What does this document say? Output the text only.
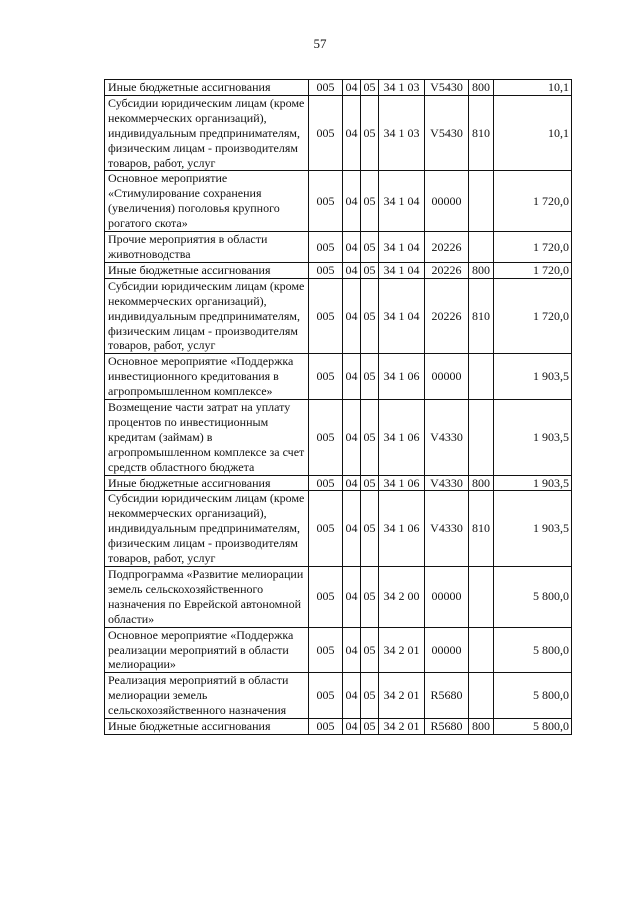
57
Иные бюджетные ассигнования	005	04	05	34 1 03	V5430	800	10,1
Субсидии юридическим лицам (кроме некоммерческих организаций), индивидуальным предпринимателям, физическим лицам - производителям товаров, работ, услуг	005	04	05	34 1 03	V5430	810	10,1
Основное мероприятие «Стимулирование сохранения (увеличения) поголовья крупного рогатого скота»	005	04	05	34 1 04	00000		1 720,0
Прочие мероприятия в области животноводства	005	04	05	34 1 04	20226		1 720,0
Иные бюджетные ассигнования	005	04	05	34 1 04	20226	800	1 720,0
Субсидии юридическим лицам (кроме некоммерческих организаций), индивидуальным предпринимателям, физическим лицам - производителям товаров, работ, услуг	005	04	05	34 1 04	20226	810	1 720,0
Основное мероприятие «Поддержка инвестиционного кредитования в агропромышленном комплексе»	005	04	05	34 1 06	00000		1 903,5
Возмещение части затрат на уплату процентов по инвестиционным кредитам (займам) в агропромышленном комплексе за счет средств областного бюджета	005	04	05	34 1 06	V4330		1 903,5
Иные бюджетные ассигнования	005	04	05	34 1 06	V4330	800	1 903,5
Субсидии юридическим лицам (кроме некоммерческих организаций), индивидуальным предпринимателям, физическим лицам - производителям товаров, работ, услуг	005	04	05	34 1 06	V4330	810	1 903,5
Подпрограмма «Развитие мелиорации земель сельскохозяйственного назначения по Еврейской автономной области»	005	04	05	34 2 00	00000		5 800,0
Основное мероприятие «Поддержка реализации мероприятий в области мелиорации»	005	04	05	34 2 01	00000		5 800,0
Реализация мероприятий в области мелиорации земель сельскохозяйственного назначения	005	04	05	34 2 01	R5680		5 800,0
Иные бюджетные ассигнования	005	04	05	34 2 01	R5680	800	5 800,0
